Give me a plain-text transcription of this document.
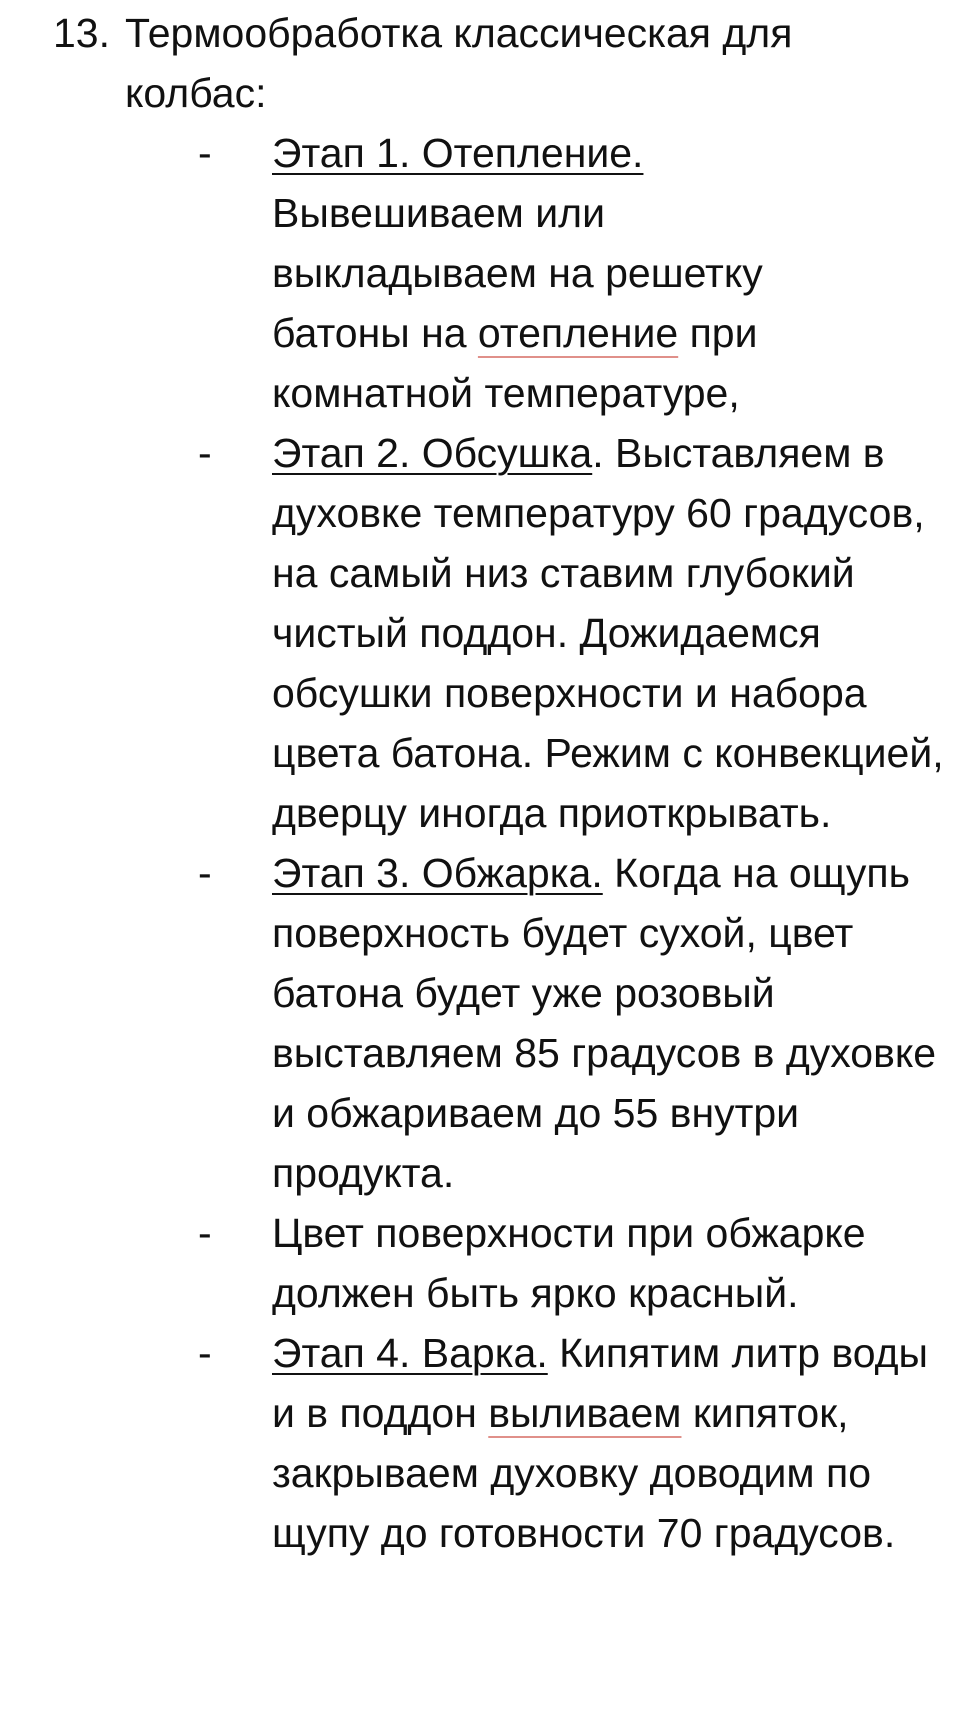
13. Термообработка классическая для колбас:
- Этап 1. Отепление.
Вывешиваем или
выкладываем на решетку
батоны на отепление при комнатной температуре,
- Этап 2. Обсушка. Выставляем в духовке температуру 60 градусов, на самый низ ставим глубокий чистый поддон. Дожидаемся обсушки поверхности и набора цвета батона. Режим с конвекцией, дверцу иногда приоткрывать.
- Этап 3. Обжарка. Когда на ощупь поверхность будет сухой, цвет батона будет уже розовый выставляем 85 градусов в духовке и обжариваем до 55 внутри продукта.
- Цвет поверхности при обжарке должен быть ярко красный.
- Этап 4. Варка. Кипятим литр воды и в поддон выливаем кипяток, закрываем духовку доводим по щупу до готовности 70 градусов.
